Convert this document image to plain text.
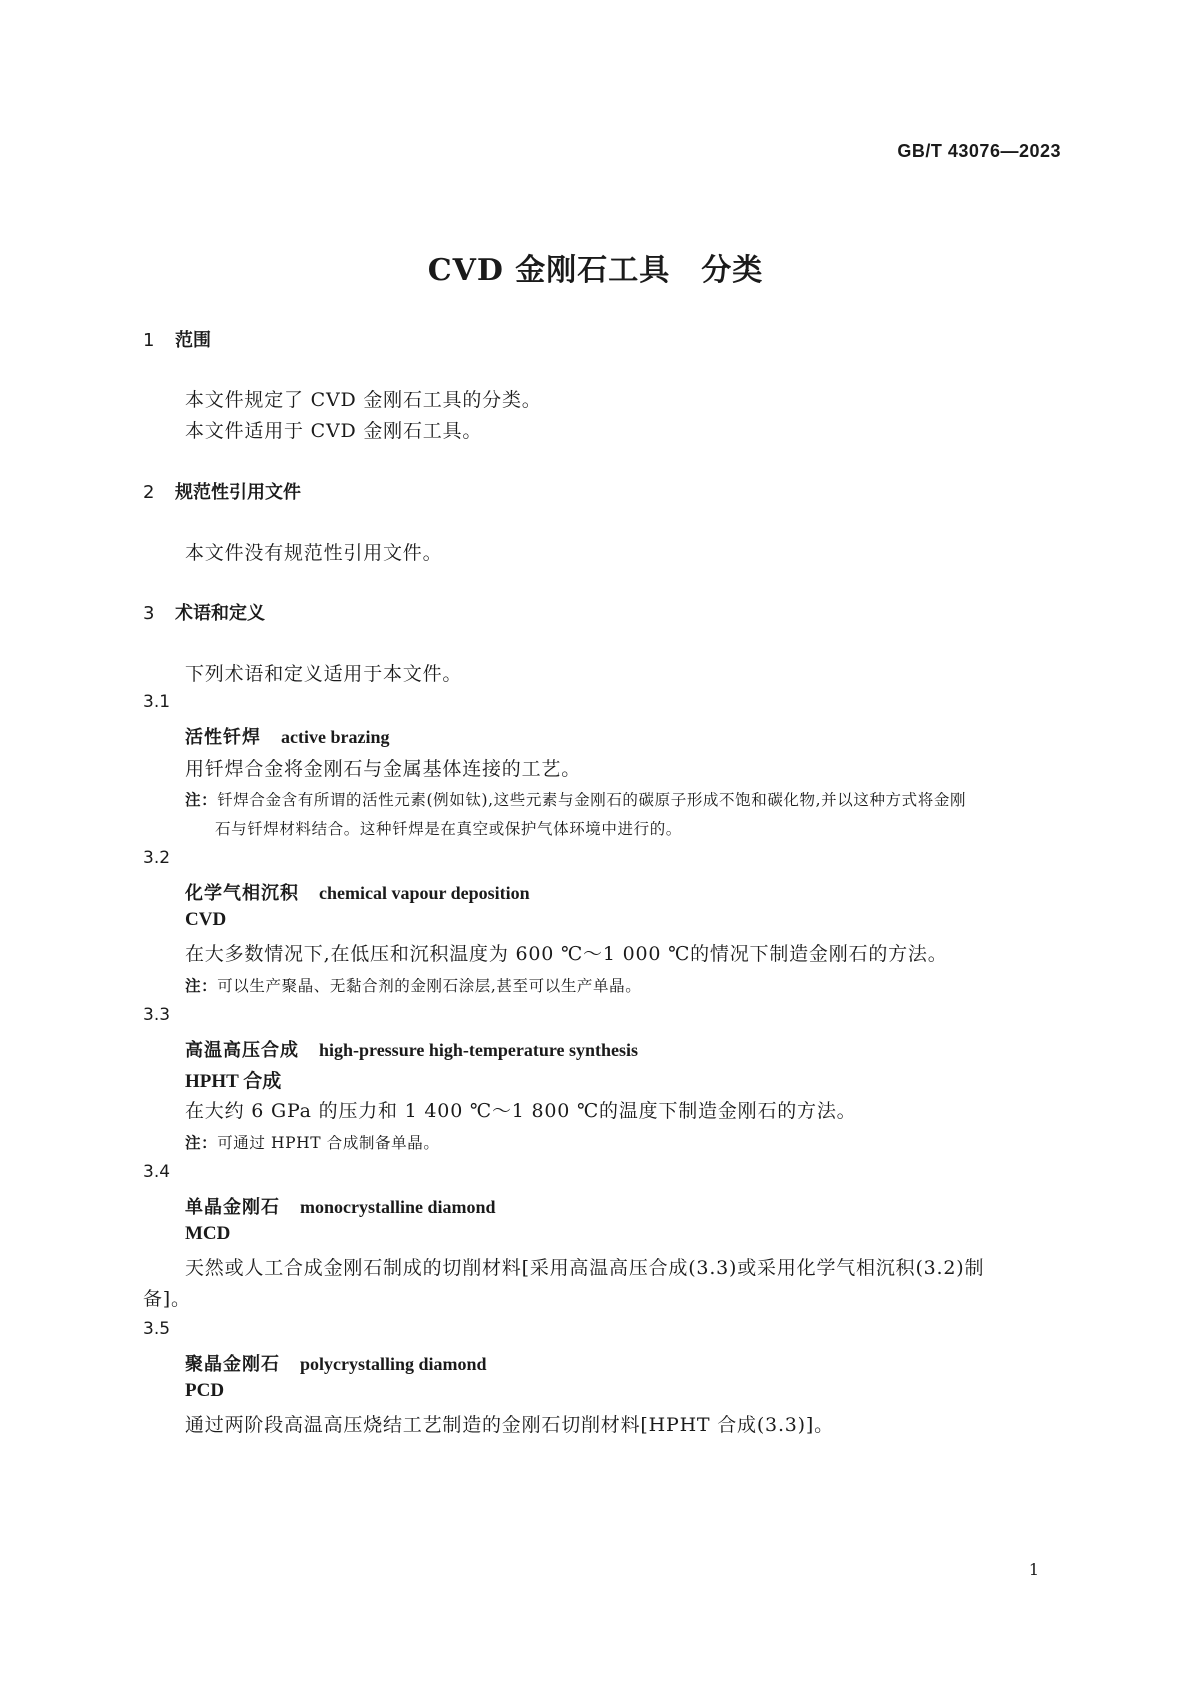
GB/T 43076—2023
CVD 金刚石工具　分类
1 范围
本文件规定了 CVD 金刚石工具的分类。
本文件适用于 CVD 金刚石工具。
2 规范性引用文件
本文件没有规范性引用文件。
3 术语和定义
下列术语和定义适用于本文件。
3.1
活性钎焊 active brazing
用钎焊合金将金刚石与金属基体连接的工艺。
注：钎焊合金含有所谓的活性元素(例如钛),这些元素与金刚石的碳原子形成不饱和碳化物,并以这种方式将金刚
石与钎焊材料结合。这种钎焊是在真空或保护气体环境中进行的。
3.2
化学气相沉积 chemical vapour deposition
CVD
在大多数情况下,在低压和沉积温度为 600 ℃～1 000 ℃的情况下制造金刚石的方法。
注：可以生产聚晶、无黏合剂的金刚石涂层,甚至可以生产单晶。
3.3
高温高压合成 high-pressure high-temperature synthesis
HPHT 合成
在大约 6 GPa 的压力和 1 400 ℃～1 800 ℃的温度下制造金刚石的方法。
注：可通过 HPHT 合成制备单晶。
3.4
单晶金刚石 monocrystalline diamond
MCD
天然或人工合成金刚石制成的切削材料[采用高温高压合成(3.3)或采用化学气相沉积(3.2)制
备]。
3.5
聚晶金刚石 polycrystalling diamond
PCD
通过两阶段高温高压烧结工艺制造的金刚石切削材料[HPHT 合成(3.3)]。
1
